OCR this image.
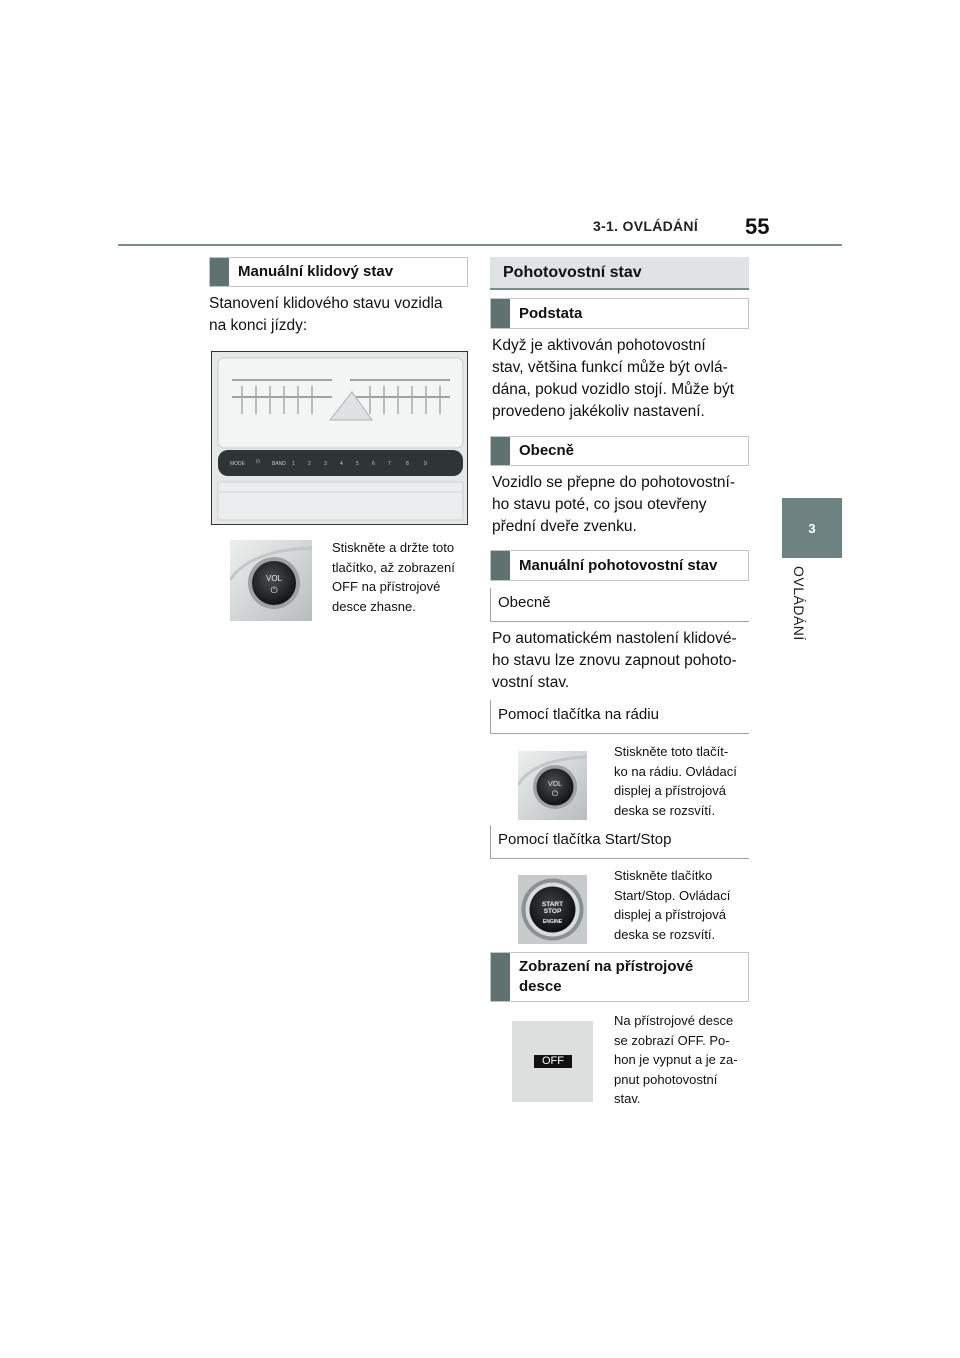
3-1. OVLÁDÁNÍ 55
3
OVLÁDÁNÍ
Manuální klidový stav
Stanovení klidového stavu vozidla
na konci jízdy:
MODE ⏻ BAND 1	2	3	4	5	6	7	8	9
VOL
⏻
Stiskněte a držte toto
tlačítko, až zobrazení
OFF na přístrojové
desce zhasne.
Pohotovostní stav
Podstata
Když je aktivován pohotovostní
stav, většina funkcí může být ovlá-
dána, pokud vozidlo stojí. Může být
provedeno jakékoliv nastavení.
Obecně
Vozidlo se přepne do pohotovostní-
ho stavu poté, co jsou otevřeny
přední dveře zvenku.
Manuální pohotovostní stav
Obecně
Po automatickém nastolení klidové-
ho stavu lze znovu zapnout pohoto-
vostní stav.
Pomocí tlačítka na rádiu
VOL
⏻
Stiskněte toto tlačít-
ko na rádiu. Ovládací
displej a přístrojová
deska se rozsvítí.
Pomocí tlačítka Start/Stop
START
STOP
ENGINE
Stiskněte tlačítko
Start/Stop. Ovládací
displej a přístrojová
deska se rozsvítí.
Zobrazení na přístrojové
desce
OFF
Na přístrojové desce
se zobrazí OFF. Po-
hon je vypnut a je za-
pnut pohotovostní
stav.
